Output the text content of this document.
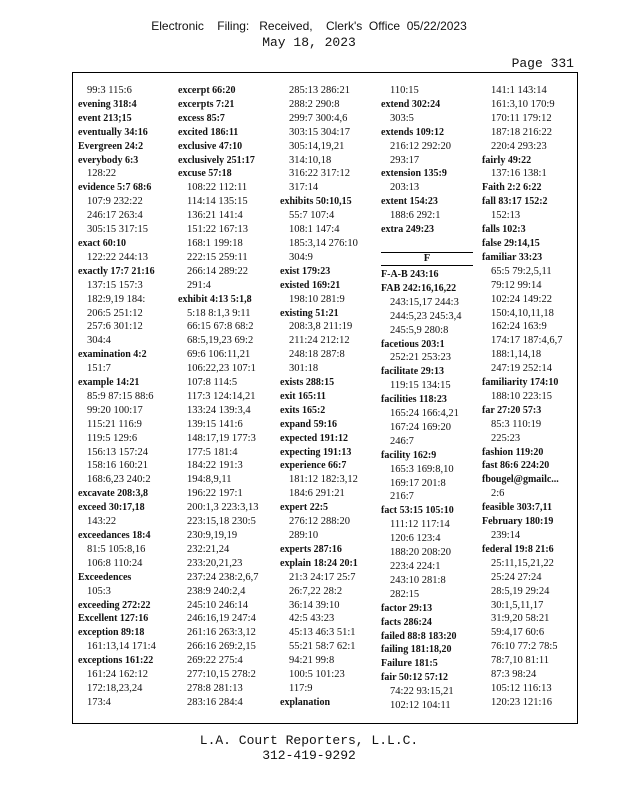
Electronic    Filing:   Received,    Clerk's  Office  05/22/2023
May 18, 2023
Page 331
99:3 115:6
evening 318:4
event 213;15
eventually 34:16
Evergreen 24:2
everybody 6:3
128:22
evidence 5:7 68:6
107:9 232:22
246:17 263:4
305:15 317:15
exact 60:10
122:22 244:13
exactly 17:7 21:16
137:15 157:3
182:9,19 184:
206:5 251:12
257:6 301:12
304:4
examination 4:2
151:7
example 14:21
85:9 87:15 88:6
99:20 100:17
115:21 116:9
119:5 129:6
156:13 157:24
158:16 160:21
168:6,23 240:2
excavate 208:3,8
exceed 30:17,18
143:22
exceedances 18:4
81:5 105:8,16
106:8 110:24
Exceedences
105:3
exceeding 272:22
Excellent 127:16
exception 89:18
161:13,14 171:4
exceptions 161:22
161:24 162:12
172:18,23,24
173:4
excerpt 66:20
excerpts 7:21
excess 85:7
excited 186:11
exclusive 47:10
exclusively 251:17
excuse 57:18
108:22 112:11
114:14 135:15
136:21 141:4
151:22 167:13
168:1 199:18
222:15 259:11
266:14 289:22
291:4
exhibit 4:13 5:1,8
5:18 8:1,3 9:11
66:15 67:8 68:2
68:5,19,23 69:2
69:6 106:11,21
106:22,23 107:1
107:8 114:5
117:3 124:14,21
133:24 139:3,4
139:15 141:6
148:17,19 177:3
177:5 181:4
184:22 191:3
194:8,9,11
196:22 197:1
200:1,3 223:3,13
223:15,18 230:5
230:9,19,19
232:21,24
233:20,21,23
237:24 238:2,6,7
238:9 240:2,4
245:10 246:14
246:16,19 247:4
261:16 263:3,12
266:16 269:2,15
269:22 275:4
277:10,15 278:2
278:8 281:13
283:16 284:4
285:13 286:21
288:2 290:8
299:7 300:4,6
303:15 304:17
305:14,19,21
314:10,18
316:22 317:12
317:14
exhibits 50:10,15
55:7 107:4
108:1 147:4
185:3,14 276:10
304:9
exist 179:23
existed 169:21
198:10 281:9
existing 51:21
208:3,8 211:19
211:24 212:12
248:18 287:8
301:18
exists 288:15
exit 165:11
exits 165:2
expand 59:16
expected 191:12
expecting 191:13
experience 66:7
181:12 182:3,12
184:6 291:21
expert 22:5
276:12 288:20
289:10
experts 287:16
explain 18:24 20:1
21:3 24:17 25:7
26:7,22 28:2
36:14 39:10
42:5 43:23
45:13 46:3 51:1
55:21 58:7 62:1
94:21 99:8
100:5 101:23
117:9
explanation
110:15
extend 302:24
303:5
extends 109:12
216:12 292:20
293:17
extension 135:9
203:13
extent 154:23
188:6 292:1
extra 249:23
F
F-A-B 243:16
FAB 242:16,16,22
243:15,17 244:3
244:5,23 245:3,4
245:5,9 280:8
facetious 203:1
252:21 253:23
facilitate 29:13
119:15 134:15
facilities 118:23
165:24 166:4,21
167:24 169:20
246:7
facility 162:9
165:3 169:8,10
169:17 201:8
216:7
fact 53:15 105:10
111:12 117:14
120:6 123:4
188:20 208:20
223:4 224:1
243:10 281:8
282:15
factor 29:13
facts 286:24
failed 88:8 183:20
failing 181:18,20
Failure 181:5
fair 50:12 57:12
74:22 93:15,21
102:12 104:11
141:1 143:14
161:3,10 170:9
170:11 179:12
187:18 216:22
220:4 293:23
fairly 49:22
137:16 138:1
Faith 2:2 6:22
fall 83:17 152:2
152:13
falls 102:3
false 29:14,15
familiar 33:23
65:5 79:2,5,11
79:12 99:14
102:24 149:22
150:4,10,11,18
162:24 163:9
174:17 187:4,6,7
188:1,14,18
247:19 252:14
familiarity 174:10
188:10 223:15
far 27:20 57:3
85:3 110:19
225:23
fashion 119:20
fast 86:6 224:20
fbougel@gmailc...
2:6
feasible 303:7,11
February 180:19
239:14
federal 19:8 21:6
25:11,15,21,22
25:24 27:24
28:5,19 29:24
30:1,5,11,17
31:9,20 58:21
59:4,17 60:6
76:10 77:2 78:5
78:7,10 81:11
87:3 98:24
105:12 116:13
120:23 121:16
L.A. Court Reporters, L.L.C.
312-419-9292
